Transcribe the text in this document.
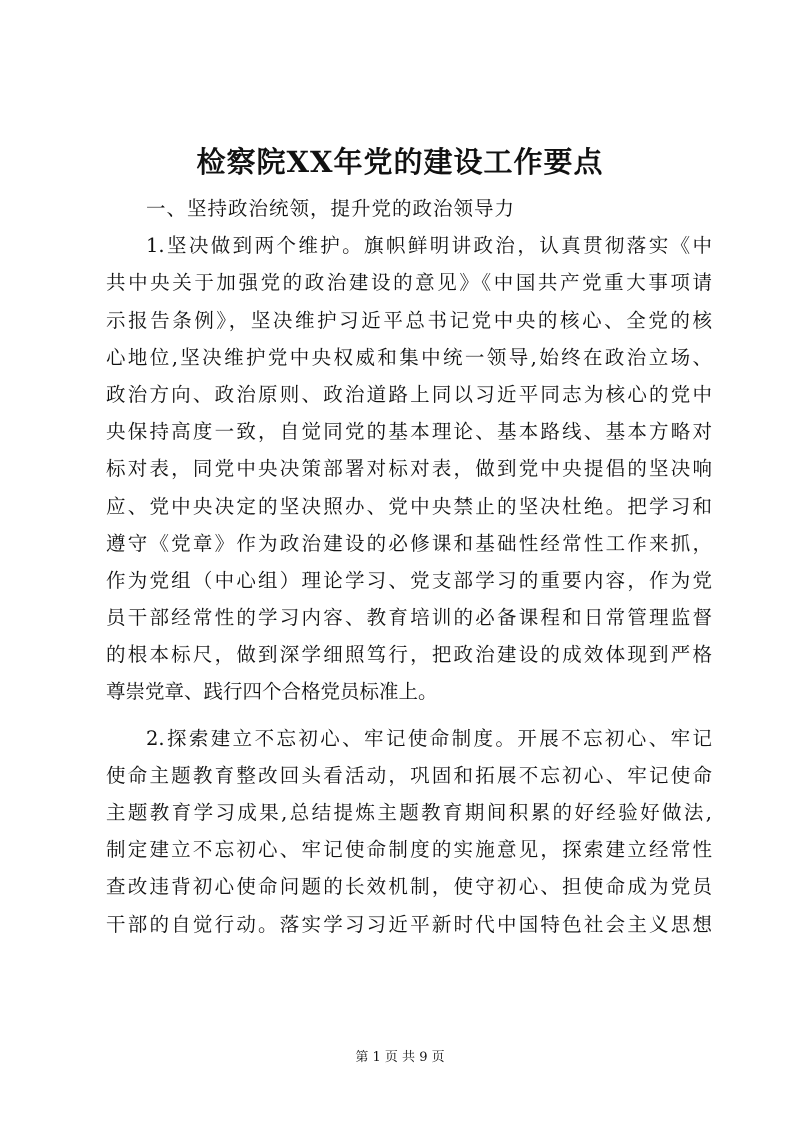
检察院XX年党的建设工作要点
一、坚持政治统领，提升党的政治领导力
1.坚决做到两个维护。旗帜鲜明讲政治，认真贯彻落实《中
共中央关于加强党的政治建设的意见》《中国共产党重大事项请
示报告条例》，坚决维护习近平总书记党中央的核心、全党的核
心地位,坚决维护党中央权威和集中统一领导,始终在政治立场、
政治方向、政治原则、政治道路上同以习近平同志为核心的党中
央保持高度一致，自觉同党的基本理论、基本路线、基本方略对
标对表，同党中央决策部署对标对表，做到党中央提倡的坚决响
应、党中央决定的坚决照办、党中央禁止的坚决杜绝。把学习和
遵守《党章》作为政治建设的必修课和基础性经常性工作来抓，
作为党组（中心组）理论学习、党支部学习的重要内容，作为党
员干部经常性的学习内容、教育培训的必备课程和日常管理监督
的根本标尺，做到深学细照笃行，把政治建设的成效体现到严格
尊崇党章、践行四个合格党员标准上。
2.探索建立不忘初心、牢记使命制度。开展不忘初心、牢记
使命主题教育整改回头看活动，巩固和拓展不忘初心、牢记使命
主题教育学习成果,总结提炼主题教育期间积累的好经验好做法,
制定建立不忘初心、牢记使命制度的实施意见，探索建立经常性
查改违背初心使命问题的长效机制，使守初心、担使命成为党员
干部的自觉行动。落实学习习近平新时代中国特色社会主义思想
第 1 页 共 9 页
